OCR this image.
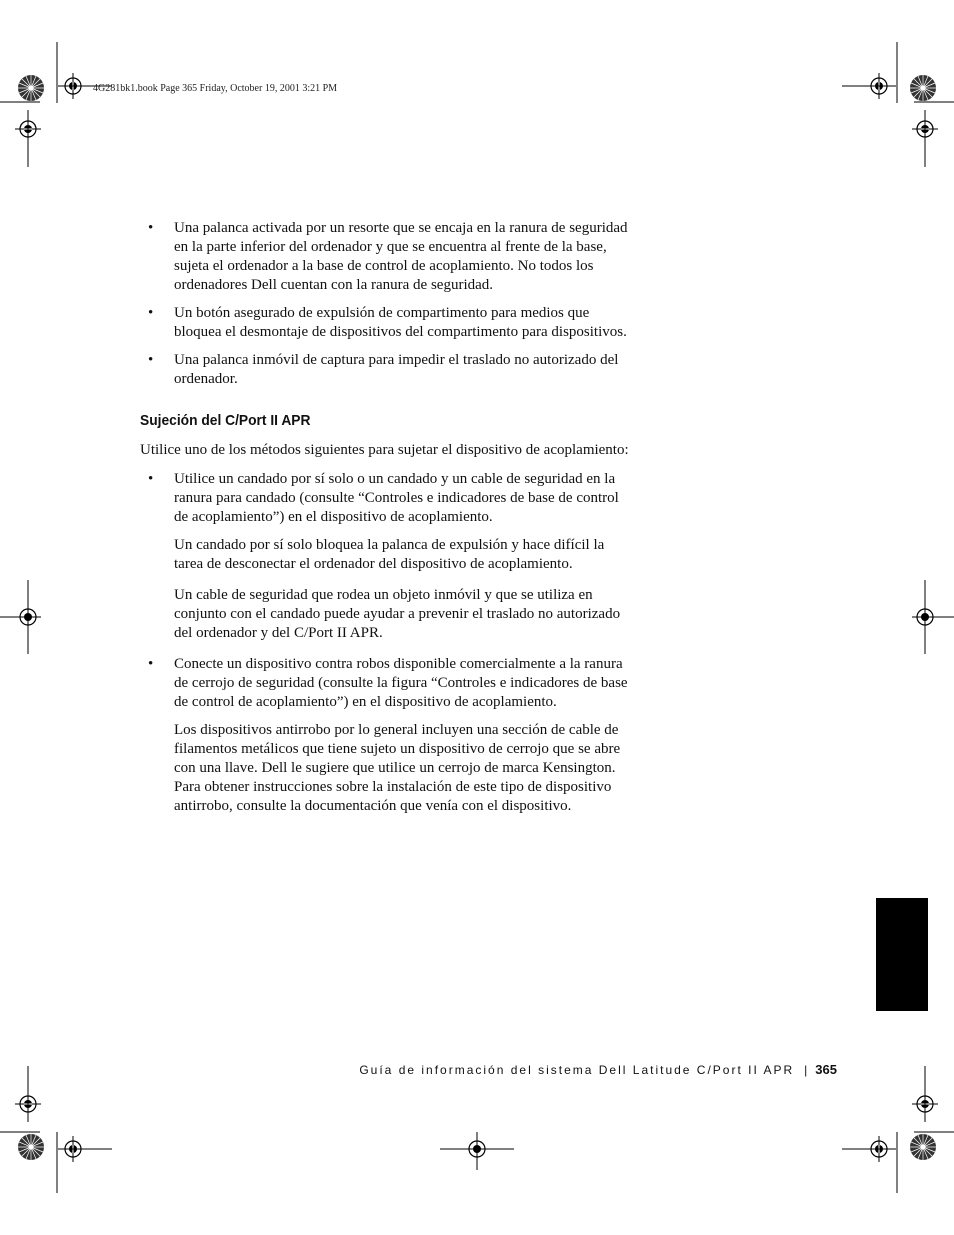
4G281bk1.book Page 365 Friday, October 19, 2001 3:21 PM

• Una palanca activada por un resorte que se encaja en la ranura de seguridad en la parte inferior del ordenador y que se encuentra al frente de la base, sujeta el ordenador a la base de control de acoplamiento. No todos los ordenadores Dell cuentan con la ranura de seguridad.

• Un botón asegurado de expulsión de compartimento para medios que bloquea el desmontaje de dispositivos del compartimento para dispositivos.

• Una palanca inmóvil de captura para impedir el traslado no autorizado del ordenador.

Sujeción del C/Port II APR

Utilice uno de los métodos siguientes para sujetar el dispositivo de acoplamiento:

• Utilice un candado por sí solo o un candado y un cable de seguridad en la ranura para candado (consulte “Controles e indicadores de base de control de acoplamiento”) en el dispositivo de acoplamiento.

Un candado por sí solo bloquea la palanca de expulsión y hace difícil la tarea de desconectar el ordenador del dispositivo de acoplamiento.

Un cable de seguridad que rodea un objeto inmóvil y que se utiliza en conjunto con el candado puede ayudar a prevenir el traslado no autorizado del ordenador y del C/Port II APR.

• Conecte un dispositivo contra robos disponible comercialmente a la ranura de cerrojo de seguridad (consulte la figura “Controles e indicadores de base de control de acoplamiento”) en el dispositivo de acoplamiento.

Los dispositivos antirrobo por lo general incluyen una sección de cable de filamentos metálicos que tiene sujeto un dispositivo de cerrojo que se abre con una llave. Dell le sugiere que utilice un cerrojo de marca Kensington. Para obtener instrucciones sobre la instalación de este tipo de dispositivo antirrobo, consulte la documentación que venía con el dispositivo.

Guía de información del sistema Dell Latitude C/Port II APR | 365
